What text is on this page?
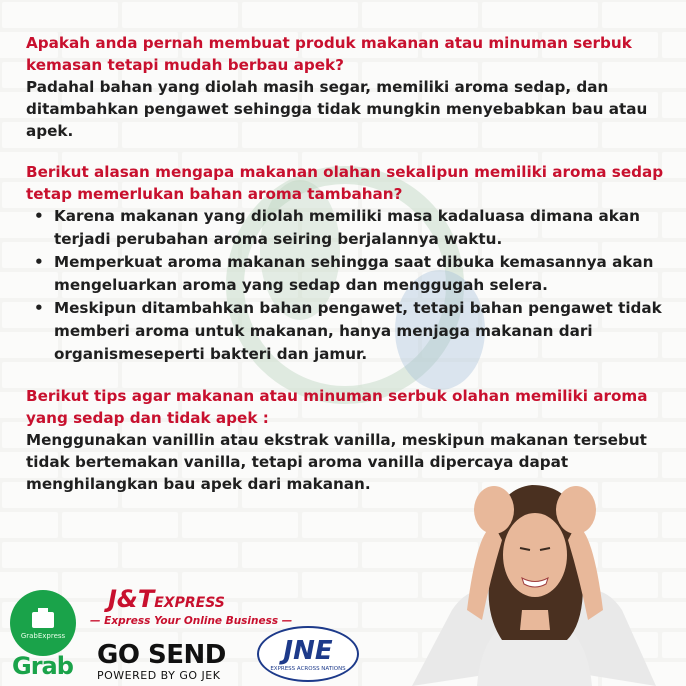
Apakah anda pernah membuat produk makanan atau minuman serbuk kemasan tetapi mudah berbau apek?

Padahal bahan yang diolah masih segar, memiliki aroma sedap, dan ditambahkan pengawet sehingga tidak mungkin menyebabkan bau atau apek.

Berikut alasan mengapa makanan olahan sekalipun memiliki aroma sedap tetap memerlukan bahan aroma tambahan?

• Karena makanan yang diolah memiliki masa kadaluasa dimana akan terjadi perubahan aroma seiring berjalannya waktu.
• Memperkuat aroma makanan sehingga saat dibuka kemasannya akan mengeluarkan aroma yang sedap dan menggugah selera.
• Meskipun ditambahkan bahan pengawet, tetapi bahan pengawet tidak memberi aroma untuk makanan, hanya menjaga makanan dari organismeseperti bakteri dan jamur.

Berikut tips agar makanan atau minuman serbuk olahan memiliki aroma yang sedap dan tidak apek :

Menggunakan vanillin atau ekstrak vanilla, meskipun makanan tersebut tidak bertemakan vanilla, tetapi aroma vanilla dipercaya dapat menghilangkan bau apek dari makanan.

GrabExpress
Grab
J&TEXPRESS
— Express Your Online Business —
GO SEND
POWERED BY GO JEK
JNE
EXPRESS ACROSS NATIONS
